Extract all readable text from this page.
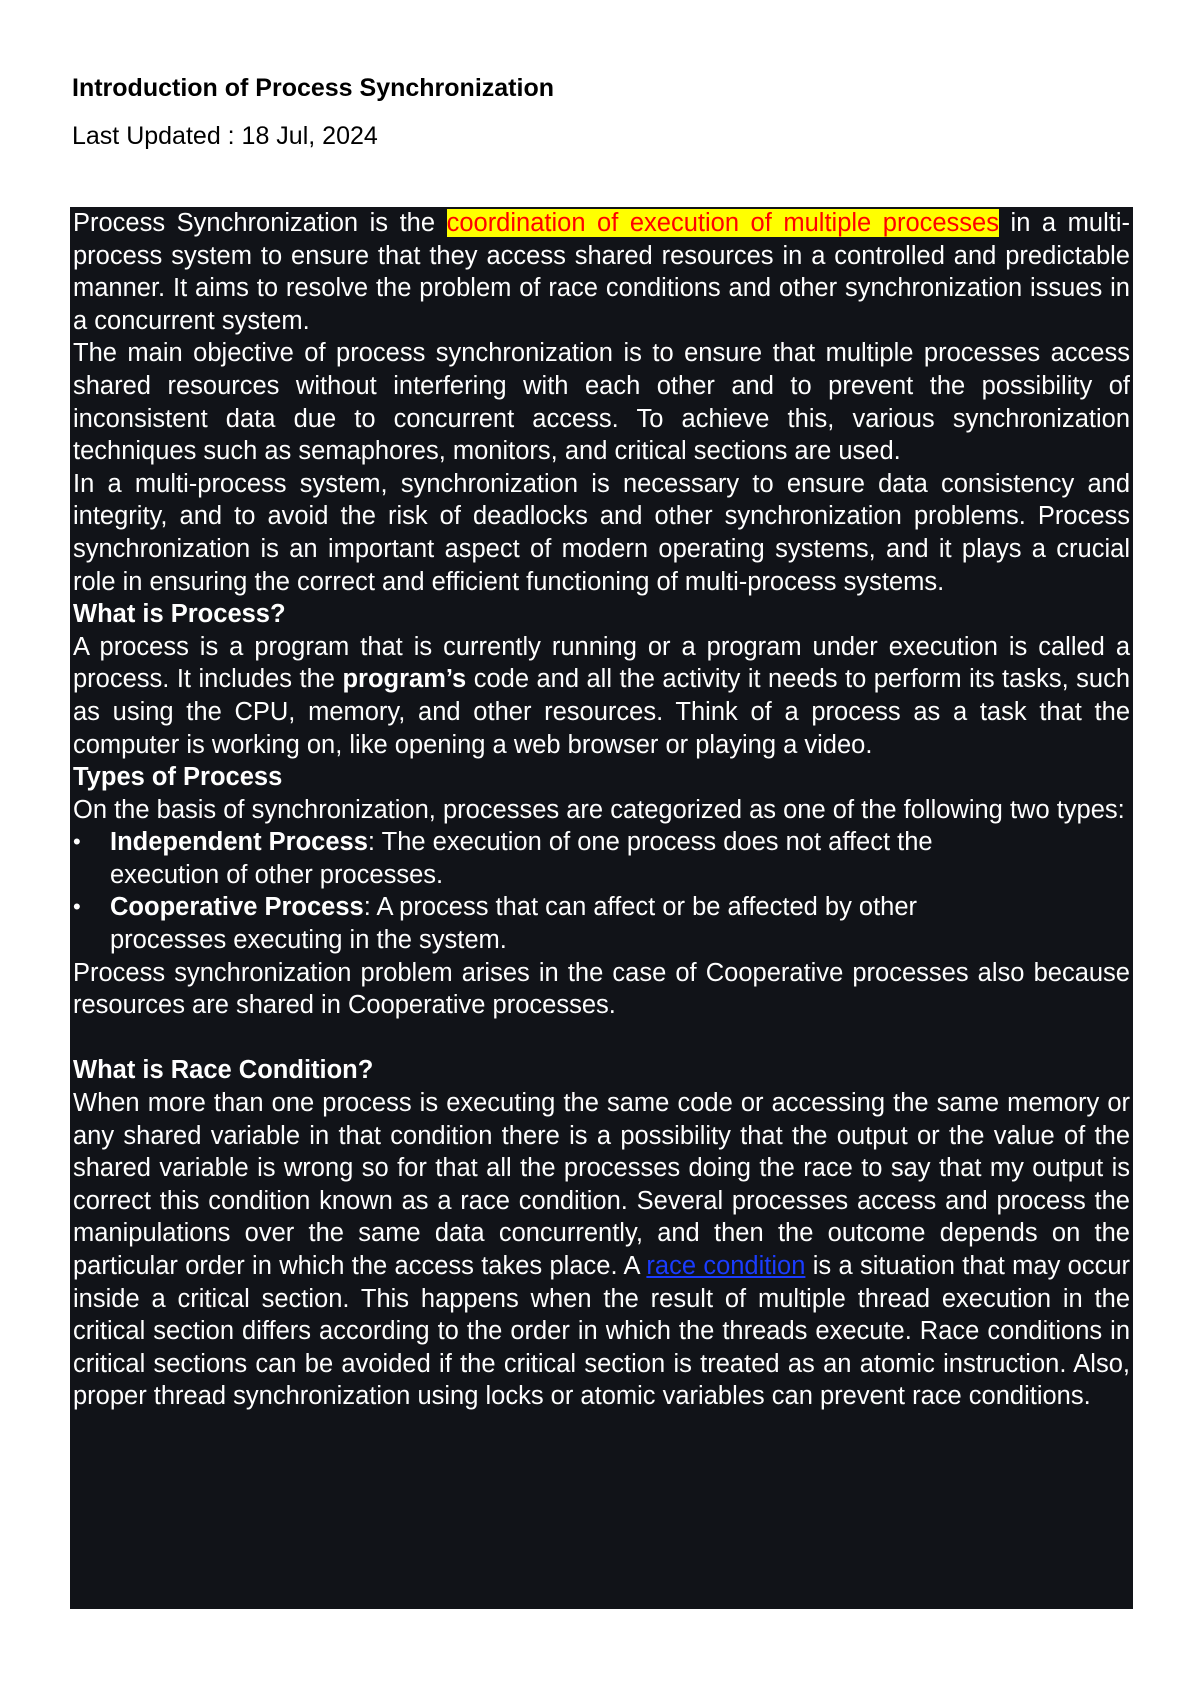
Introduction of Process Synchronization

Last Updated : 18 Jul, 2024

Process Synchronization is the coordination of execution of multiple processes in a multi-process system to ensure that they access shared resources in a controlled and predictable manner. It aims to resolve the problem of race conditions and other synchronization issues in a concurrent system.

The main objective of process synchronization is to ensure that multiple processes access shared resources without interfering with each other and to prevent the possibility of inconsistent data due to concurrent access. To achieve this, various synchronization techniques such as semaphores, monitors, and critical sections are used.

In a multi-process system, synchronization is necessary to ensure data consistency and integrity, and to avoid the risk of deadlocks and other synchronization problems. Process synchronization is an important aspect of modern operating systems, and it plays a crucial role in ensuring the correct and efficient functioning of multi-process systems.

What is Process?

A process is a program that is currently running or a program under execution is called a process. It includes the program’s code and all the activity it needs to perform its tasks, such as using the CPU, memory, and other resources. Think of a process as a task that the computer is working on, like opening a web browser or playing a video.

Types of Process

On the basis of synchronization, processes are categorized as one of the following two types:

• Independent Process: The execution of one process does not affect the execution of other processes.
• Cooperative Process: A process that can affect or be affected by other processes executing in the system.

Process synchronization problem arises in the case of Cooperative processes also because resources are shared in Cooperative processes.

What is Race Condition?

When more than one process is executing the same code or accessing the same memory or any shared variable in that condition there is a possibility that the output or the value of the shared variable is wrong so for that all the processes doing the race to say that my output is correct this condition known as a race condition. Several processes access and process the manipulations over the same data concurrently, and then the outcome depends on the particular order in which the access takes place. A race condition is a situation that may occur inside a critical section. This happens when the result of multiple thread execution in the critical section differs according to the order in which the threads execute. Race conditions in critical sections can be avoided if the critical section is treated as an atomic instruction. Also, proper thread synchronization using locks or atomic variables can prevent race conditions.
